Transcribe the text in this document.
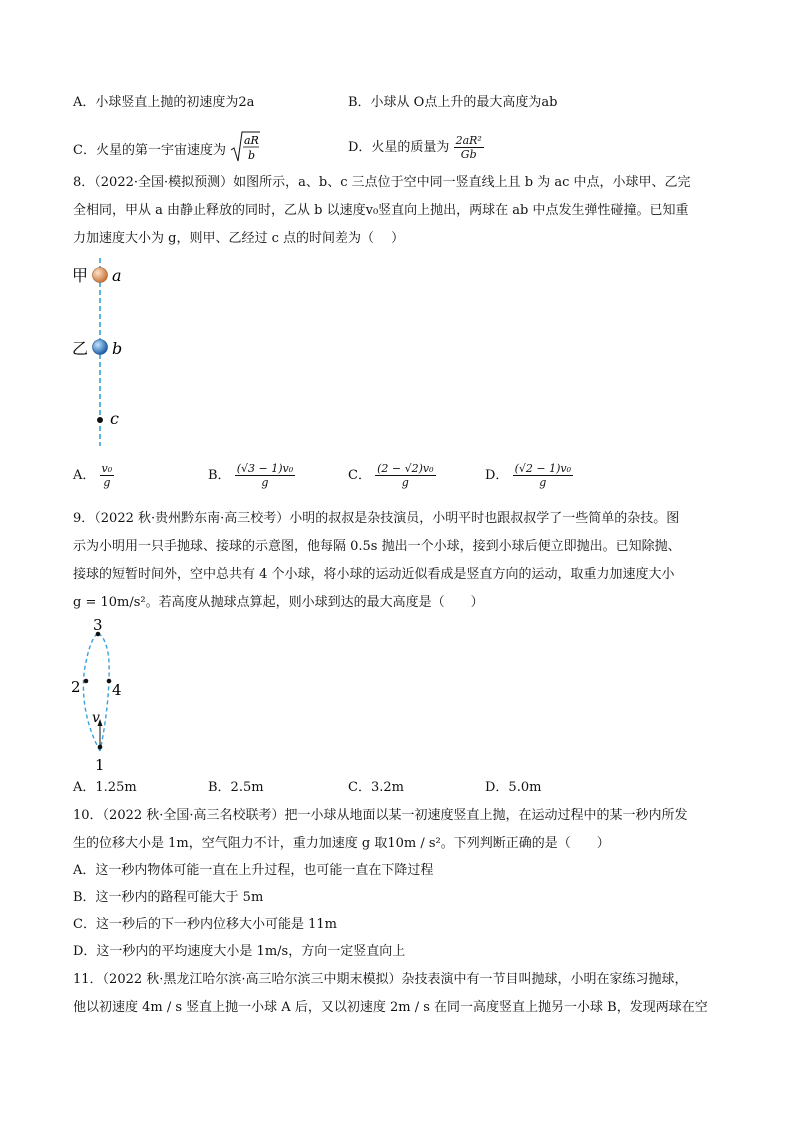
A．小球竖直上抛的初速度为2a	B．小球从 O点上升的最大高度为ab
C．火星的第一宇宙速度为
aR
b
D．火星的质量为 $\frac{\text{2aR²}}{Gb}$
8．（2022·全国·模拟预测）如图所示，a、b、c 三点位于空中同一竖直线上且 b 为 ac 中点，小球甲、乙完
全相同，甲从 a 由静止释放的同时，乙从 b 以速度v₀竖直向上抛出，两球在 ab 中点发生弹性碰撞。已知重
力加速度大小为 g，则甲、乙经过 c 点的时间差为（　 ）
甲 a
乙 b
c
A． $\frac{\text{v₀}}{g}$	B． $\frac{\text{(√3 − 1)v₀}}{g}$	C． $\frac{\text{(2 − √2)v₀}}{g}$	D． $\frac{\text{(√2 − 1)v₀}}{g}$
9．（2022 秋·贵州黔东南·高三校考）小明的叔叔是杂技演员，小明平时也跟叔叔学了一些简单的杂技。图
示为小明用一只手抛球、接球的示意图，他每隔 0.5s 抛出一个小球，接到小球后便立即抛出。已知除抛、
接球的短暂时间外，空中总共有 4 个小球，将小球的运动近似看成是竖直方向的运动，取重力加速度大小
g = 10m/s²。若高度从抛球点算起，则小球到达的最大高度是（　　）
3
2 4
v
1
A．1.25m	B．2.5m	C．3.2m	D．5.0m
10．（2022 秋·全国·高三名校联考）把一小球从地面以某一初速度竖直上抛，在运动过程中的某一秒内所发
生的位移大小是 1m，空气阻力不计，重力加速度 g 取10m / s²。下列判断正确的是（　　）
A．这一秒内物体可能一直在上升过程，也可能一直在下降过程
B．这一秒内的路程可能大于 5m
C．这一秒后的下一秒内位移大小可能是 11m
D．这一秒内的平均速度大小是 1m/s，方向一定竖直向上
11．（2022 秋·黑龙江哈尔滨·高三哈尔滨三中期末模拟）杂技表演中有一节目叫抛球，小明在家练习抛球，
他以初速度 4m / s 竖直上抛一小球 A 后，又以初速度 2m / s 在同一高度竖直上抛另一小球 B，发现两球在空
